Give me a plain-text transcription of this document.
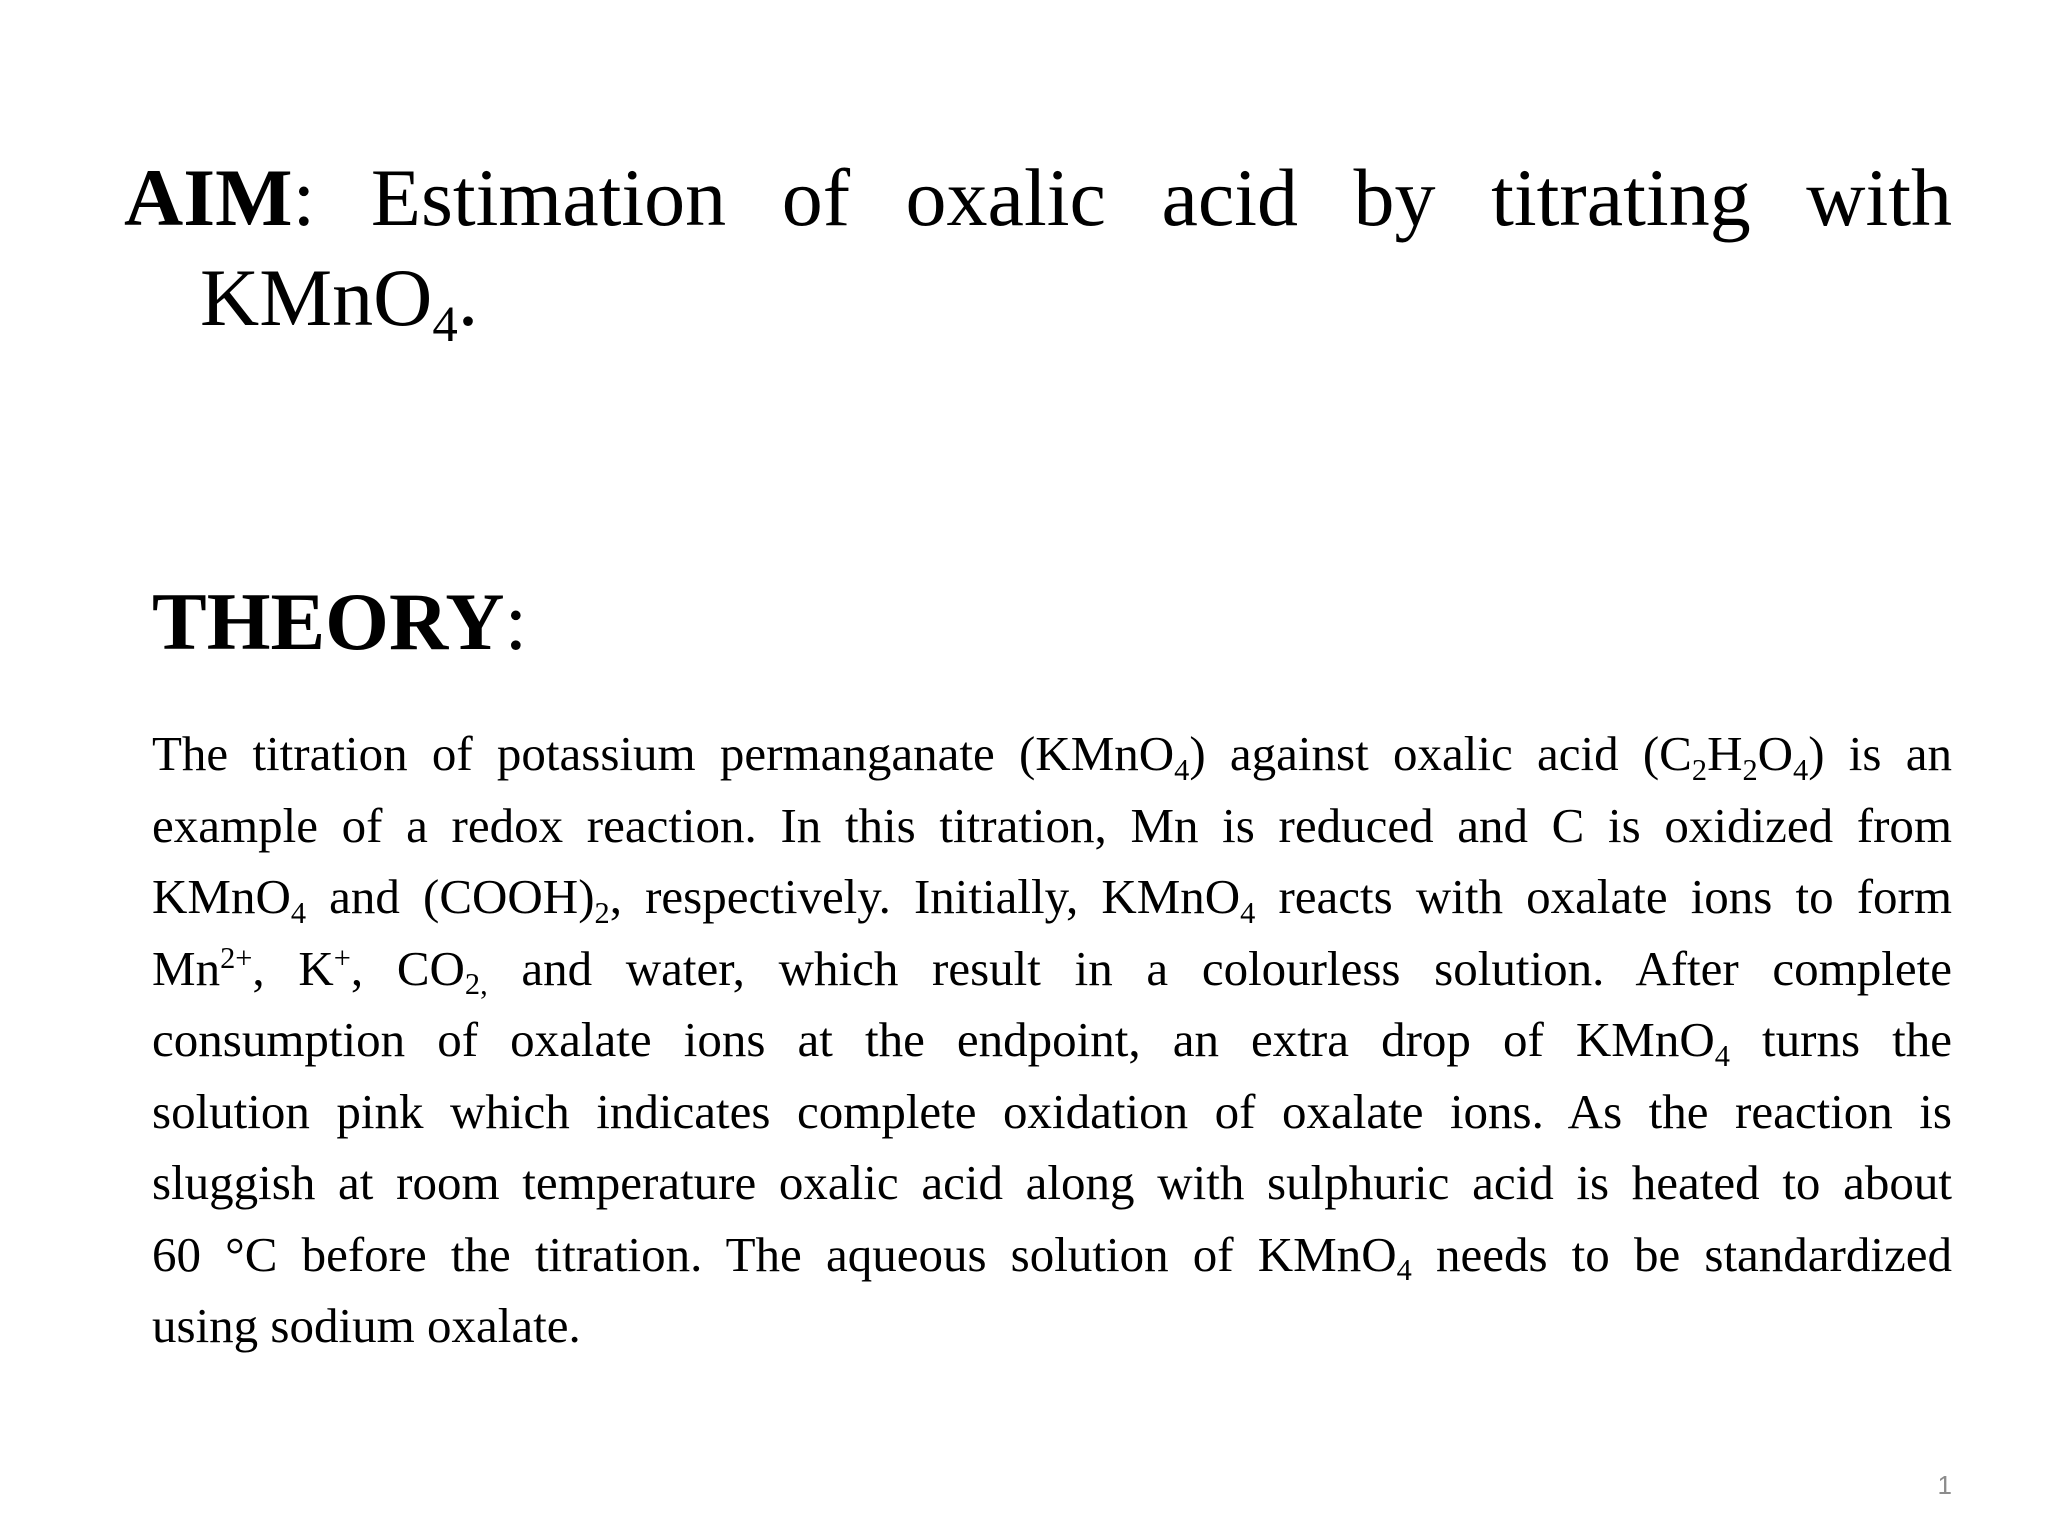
AIM: Estimation of oxalic acid by titrating with
KMnO$_4$.
THEORY:
The titration of potassium permanganate (KMnO$_4$) against oxalic acid $(C_2H_2O_4)$ is an
example of a redox reaction. In this titration, Mn is reduced and C is oxidized from
KMnO$_4$ and $(COOH)_2$, respectively. Initially, KMnO$_4$ reacts with oxalate ions to form
$Mn^{2+}$, K+, $CO_{2,}$ and water, which result in a colourless solution. After complete
consumption of oxalate ions at the endpoint, an extra drop of KMnO$_4$ turns the
solution pink which indicates complete oxidation of oxalate ions. As the reaction is
sluggish at room temperature oxalic acid along with sulphuric acid is heated to about
60 °C before the titration. The aqueous solution of KMnO$_4$ needs to be standardized
using sodium oxalate.
1
